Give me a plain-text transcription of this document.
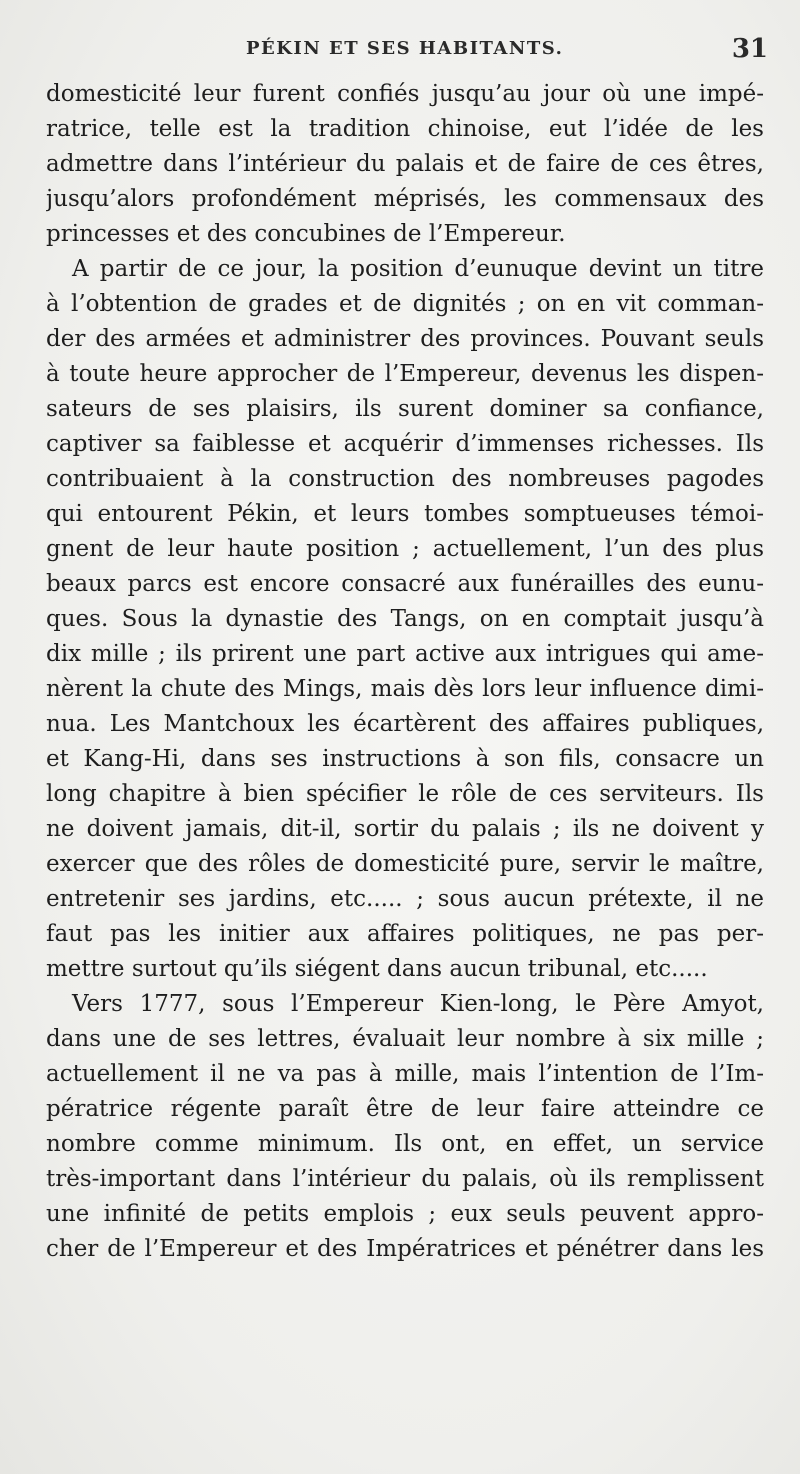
PÉKIN ET SES HABITANTS.	31
domesticité leur furent confiés jusqu’au jour où une impé-
ratrice, telle est la tradition chinoise, eut l’idée de les
admettre dans l’intérieur du palais et de faire de ces êtres,
jusqu’alors profondément méprisés, les commensaux des
princesses et des concubines de l’Empereur.
A partir de ce jour, la position d’eunuque devint un titre
à l’obtention de grades et de dignités ; on en vit comman-
der des armées et administrer des provinces. Pouvant seuls
à toute heure approcher de l’Empereur, devenus les dispen-
sateurs de ses plaisirs, ils surent dominer sa confiance,
captiver sa faiblesse et acquérir d’immenses richesses. Ils
contribuaient à la construction des nombreuses pagodes
qui entourent Pékin, et leurs tombes somptueuses témoi-
gnent de leur haute position ; actuellement, l’un des plus
beaux parcs est encore consacré aux funérailles des eunu-
ques. Sous la dynastie des Tangs, on en comptait jusqu’à
dix mille ; ils prirent une part active aux intrigues qui ame-
nèrent la chute des Mings, mais dès lors leur influence dimi-
nua. Les Mantchoux les écartèrent des affaires publiques,
et Kang-Hi, dans ses instructions à son fils, consacre un
long chapitre à bien spécifier le rôle de ces serviteurs. Ils
ne doivent jamais, dit-il, sortir du palais ; ils ne doivent y
exercer que des rôles de domesticité pure, servir le maître,
entretenir ses jardins, etc..... ; sous aucun prétexte, il ne
faut pas les initier aux affaires politiques, ne pas per-
mettre surtout qu’ils siégent dans aucun tribunal, etc.....
Vers 1777, sous l’Empereur Kien-long, le Père Amyot,
dans une de ses lettres, évaluait leur nombre à six mille ;
actuellement il ne va pas à mille, mais l’intention de l’Im-
pératrice régente paraît être de leur faire atteindre ce
nombre comme minimum. Ils ont, en effet, un service
très-important dans l’intérieur du palais, où ils remplissent
une infinité de petits emplois ; eux seuls peuvent appro-
cher de l’Empereur et des Impératrices et pénétrer dans les
